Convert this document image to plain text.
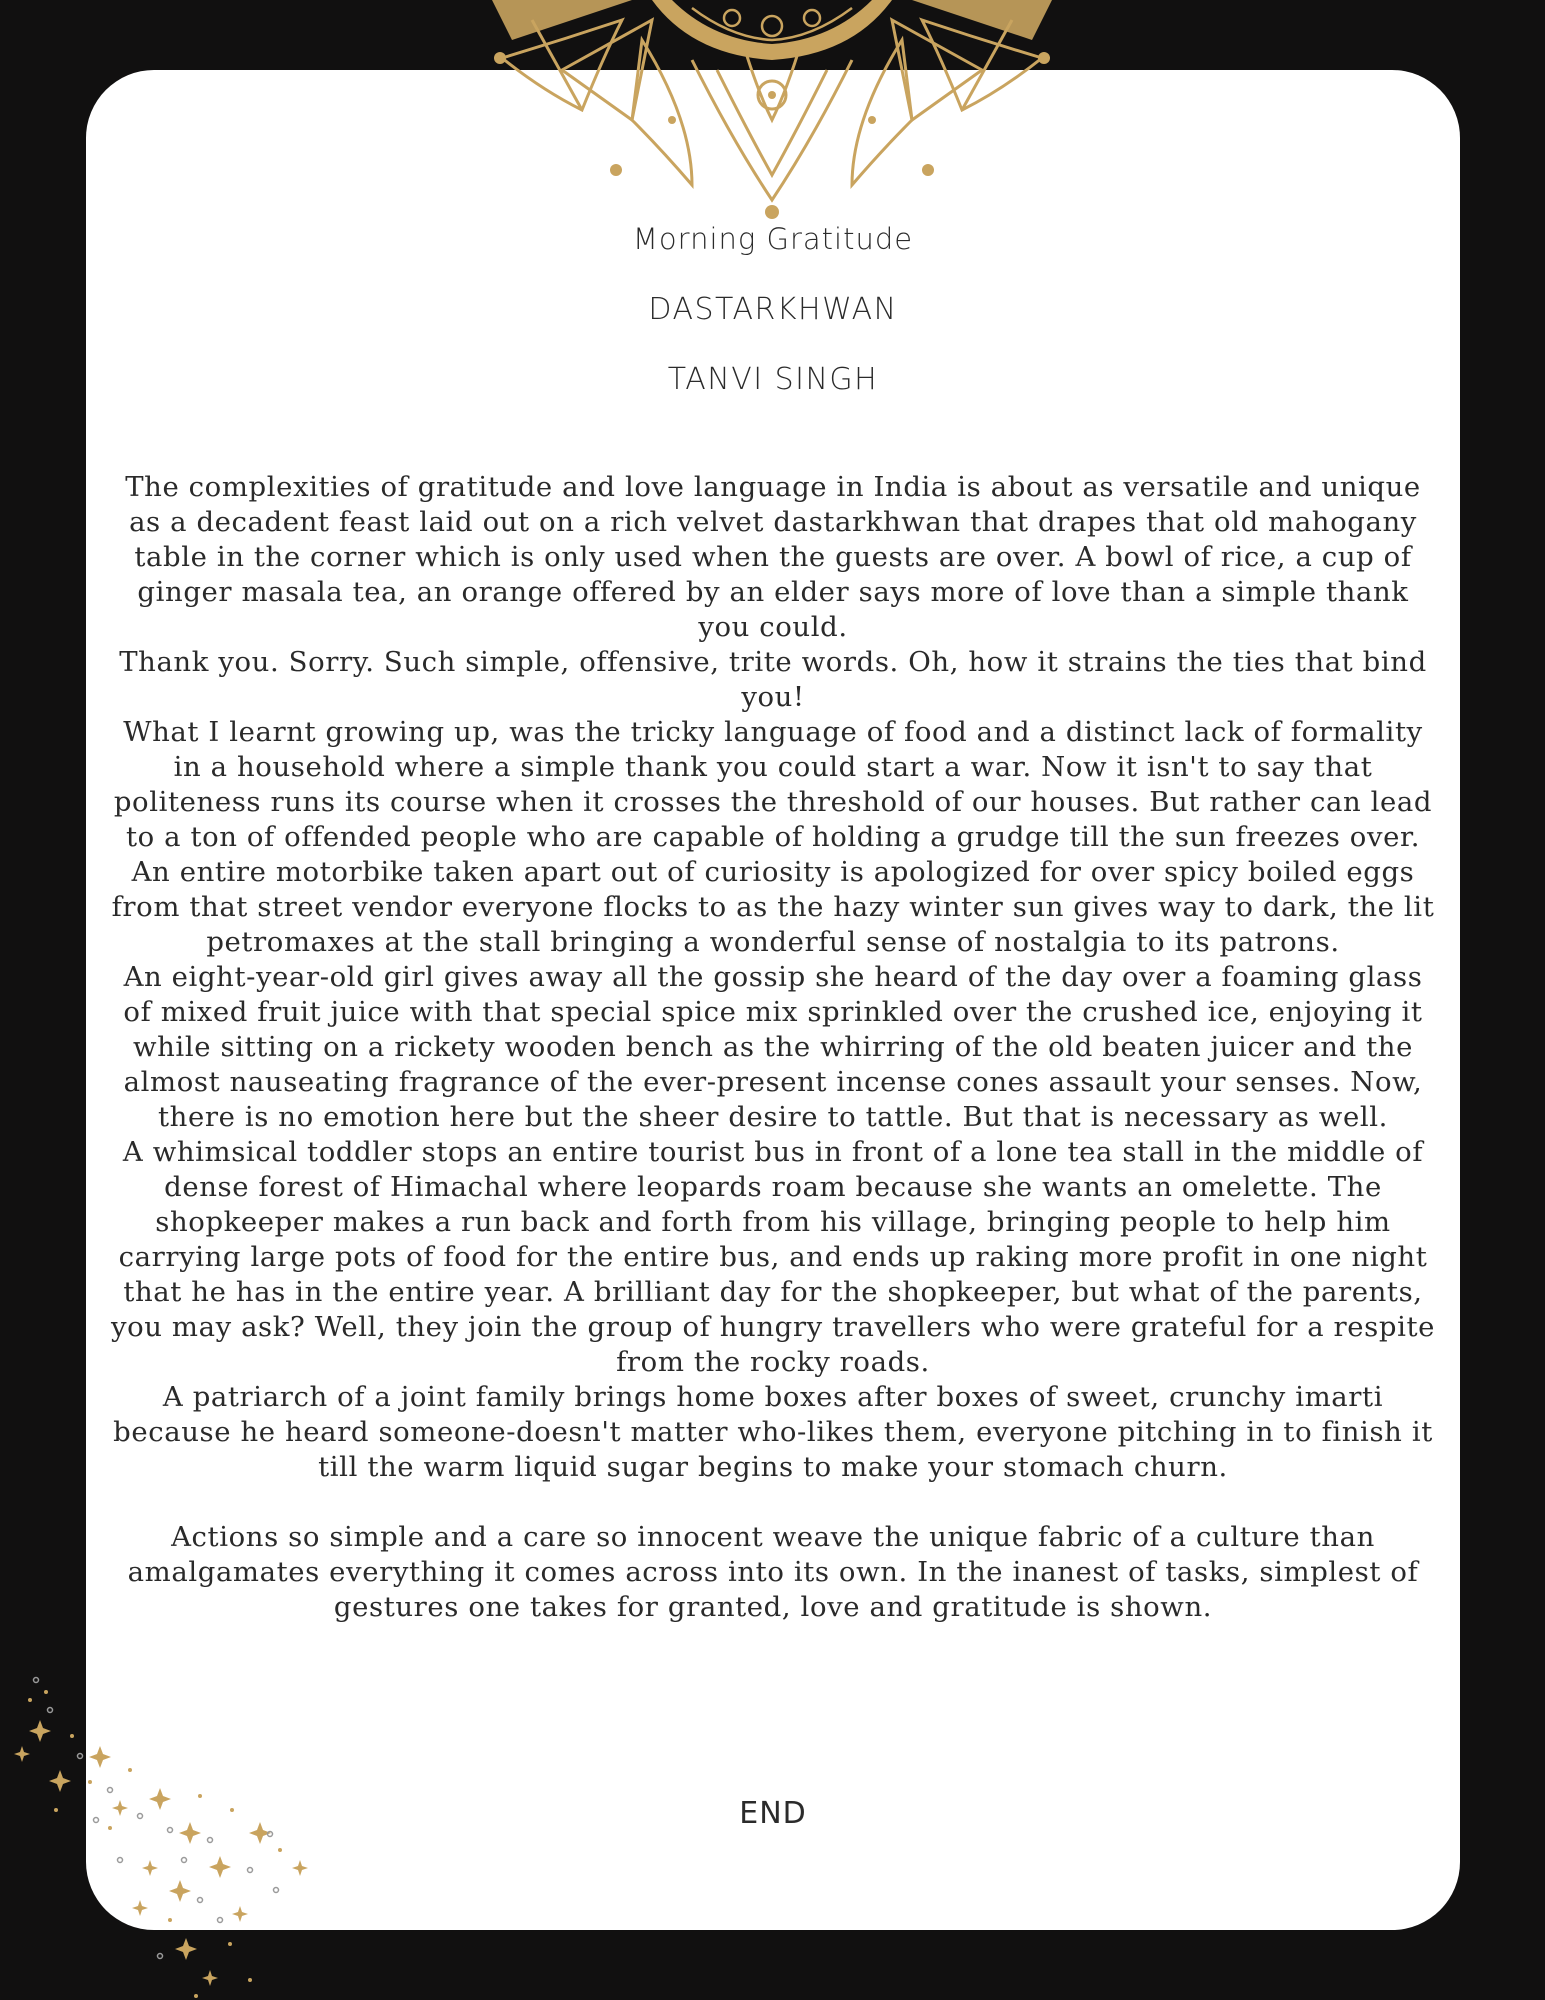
Morning Gratitude
DASTARKHWAN
TANVI SINGH

The complexities of gratitude and love language in India is about as versatile and unique as a decadent feast laid out on a rich velvet dastarkhwan that drapes that old mahogany table in the corner which is only used when the guests are over. A bowl of rice, a cup of ginger masala tea, an orange offered by an elder says more of love than a simple thank you could.

Thank you. Sorry. Such simple, offensive, trite words. Oh, how it strains the ties that bind you!

What I learnt growing up, was the tricky language of food and a distinct lack of formality in a household where a simple thank you could start a war. Now it isn't to say that politeness runs its course when it crosses the threshold of our houses. But rather can lead to a ton of offended people who are capable of holding a grudge till the sun freezes over.

An entire motorbike taken apart out of curiosity is apologized for over spicy boiled eggs from that street vendor everyone flocks to as the hazy winter sun gives way to dark, the lit petromaxes at the stall bringing a wonderful sense of nostalgia to its patrons.

An eight-year-old girl gives away all the gossip she heard of the day over a foaming glass of mixed fruit juice with that special spice mix sprinkled over the crushed ice, enjoying it while sitting on a rickety wooden bench as the whirring of the old beaten juicer and the almost nauseating fragrance of the ever-present incense cones assault your senses. Now, there is no emotion here but the sheer desire to tattle. But that is necessary as well.

A whimsical toddler stops an entire tourist bus in front of a lone tea stall in the middle of dense forest of Himachal where leopards roam because she wants an omelette. The shopkeeper makes a run back and forth from his village, bringing people to help him carrying large pots of food for the entire bus, and ends up raking more profit in one night that he has in the entire year. A brilliant day for the shopkeeper, but what of the parents, you may ask? Well, they join the group of hungry travellers who were grateful for a respite from the rocky roads.

A patriarch of a joint family brings home boxes after boxes of sweet, crunchy imarti because he heard someone-doesn't matter who-likes them, everyone pitching in to finish it till the warm liquid sugar begins to make your stomach churn.

Actions so simple and a care so innocent weave the unique fabric of a culture than amalgamates everything it comes across into its own. In the inanest of tasks, simplest of gestures one takes for granted, love and gratitude is shown.

END
